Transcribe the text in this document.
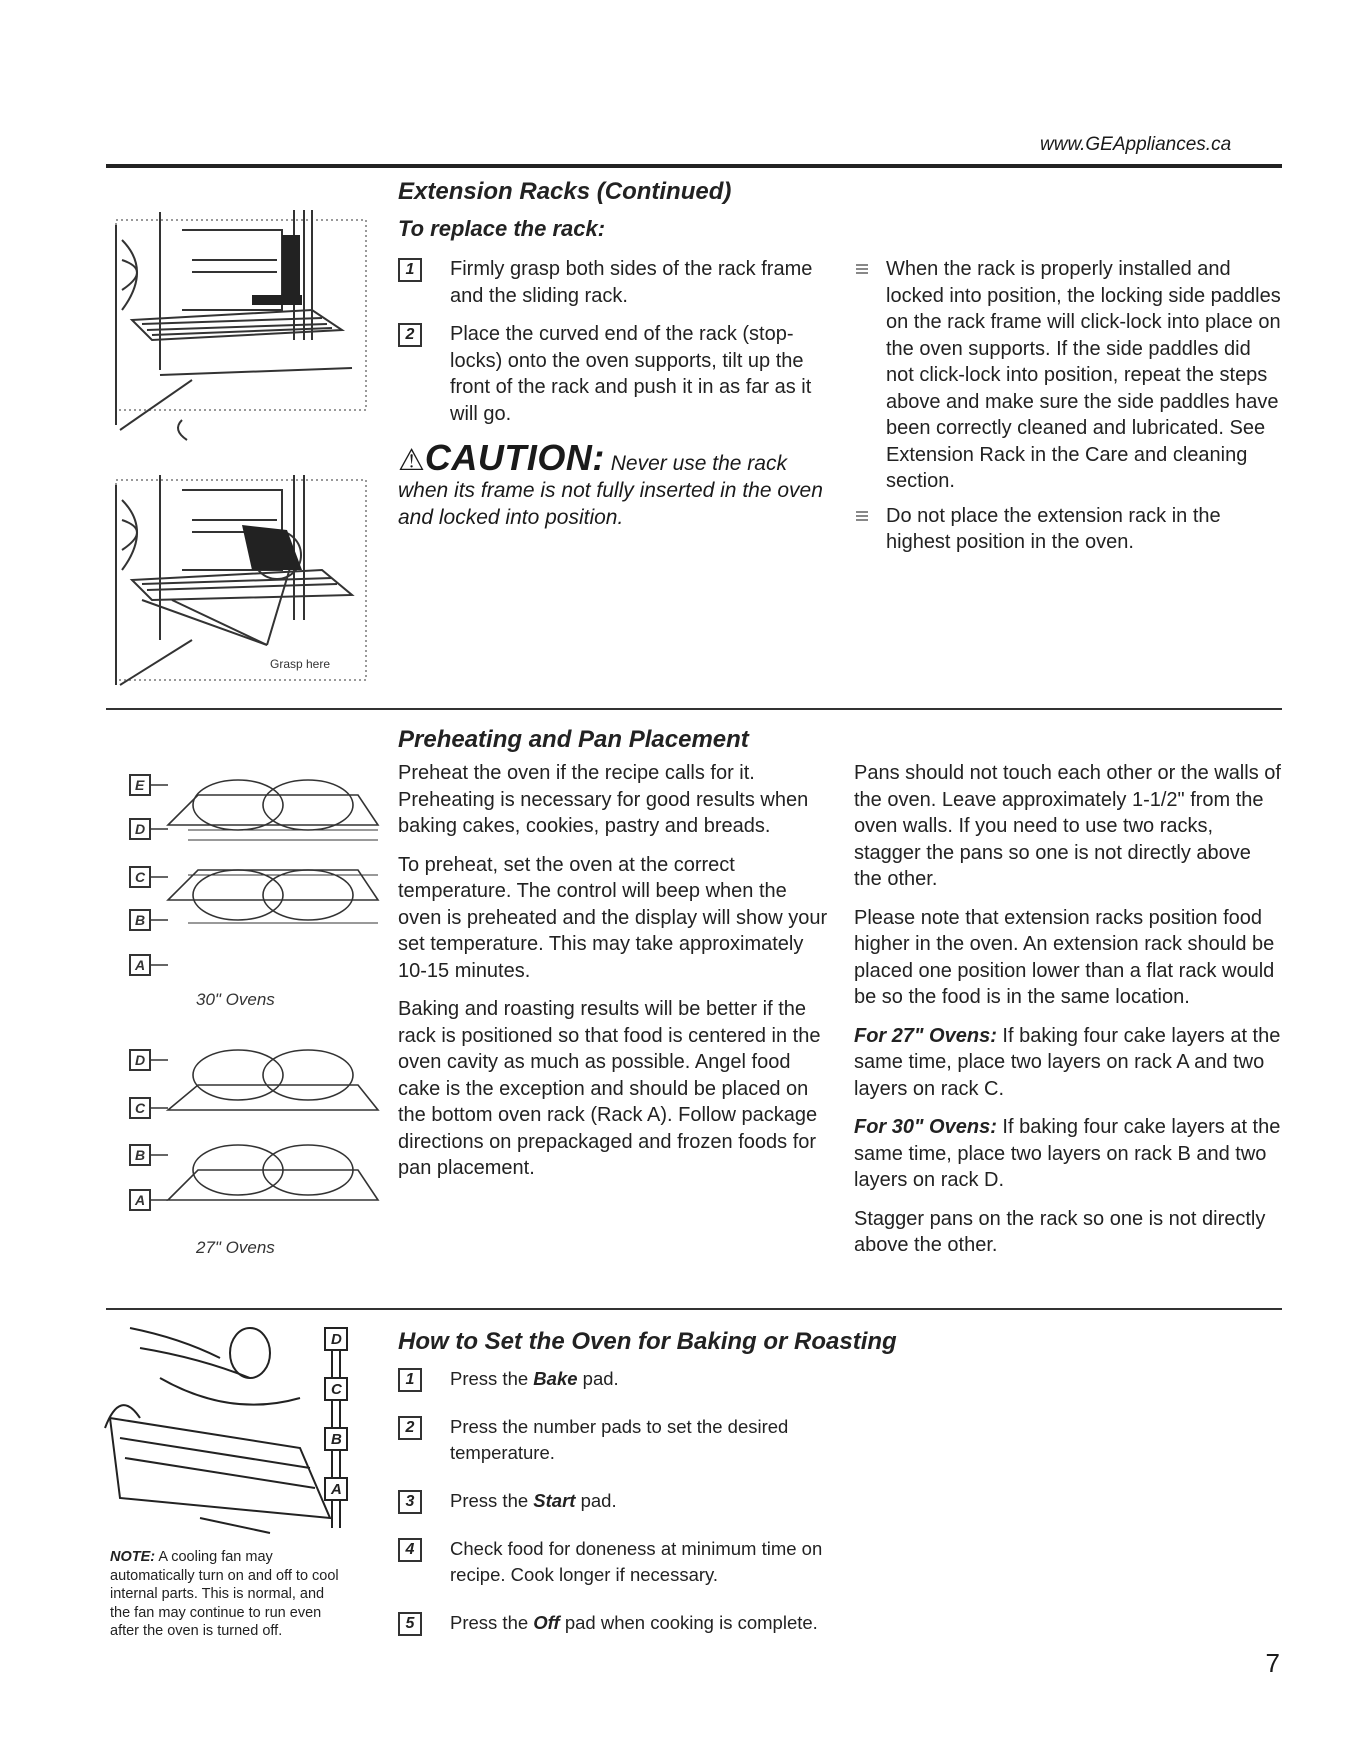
www.GEAppliances.ca
Grasp here
Extension Racks (Continued)
To replace the rack:
1	Firmly grasp both sides of the rack frame and the sliding rack.
2	Place the curved end of the rack (stop-locks) onto the oven supports, tilt up the front of the rack and push it in as far as it will go.
⚠CAUTION: Never use the rack when its frame is not fully inserted in the oven and locked into position.
When the rack is properly installed and locked into position, the locking side paddles on the rack frame will click-lock into place on the oven supports. If the side paddles did not click-lock into position, repeat the steps above and make sure the side paddles have been correctly cleaned and lubricated. See Extension Rack in the Care and cleaning section.
Do not place the extension rack in the highest position in the oven.
E
D
C
B
A
30" Ovens
D
C
B
A
27" Ovens
Preheating and Pan Placement

Preheat the oven if the recipe calls for it. Preheating is necessary for good results when baking cakes, cookies, pastry and breads.

To preheat, set the oven at the correct temperature. The control will beep when the oven is preheated and the display will show your set temperature. This may take approximately 10-15 minutes.

Baking and roasting results will be better if the rack is positioned so that food is centered in the oven cavity as much as possible. Angel food cake is the exception and should be placed on the bottom oven rack (Rack A). Follow package directions on prepackaged and frozen foods for pan placement.

Pans should not touch each other or the walls of the oven. Leave approximately 1-1/2" from the oven walls. If you need to use two racks, stagger the pans so one is not directly above the other.

Please note that extension racks position food higher in the oven. An extension rack should be placed one position lower than a flat rack would be so the food is in the same location.

For 27" Ovens: If baking four cake layers at the same time, place two layers on rack A and two layers on rack C.

For 30" Ovens: If baking four cake layers at the same time, place two layers on rack B and two layers on rack D.

Stagger pans on the rack so one is not directly above the other.

D
C
B
A
NOTE: A cooling fan may automatically turn on and off to cool internal parts. This is normal, and the fan may continue to run even after the oven is turned off.
How to Set the Oven for Baking or Roasting
1	Press the Bake pad.
2	Press the number pads to set the desired temperature.
3	Press the Start pad.
4	Check food for doneness at minimum time on recipe. Cook longer if necessary.
5	Press the Off pad when cooking is complete.
7
